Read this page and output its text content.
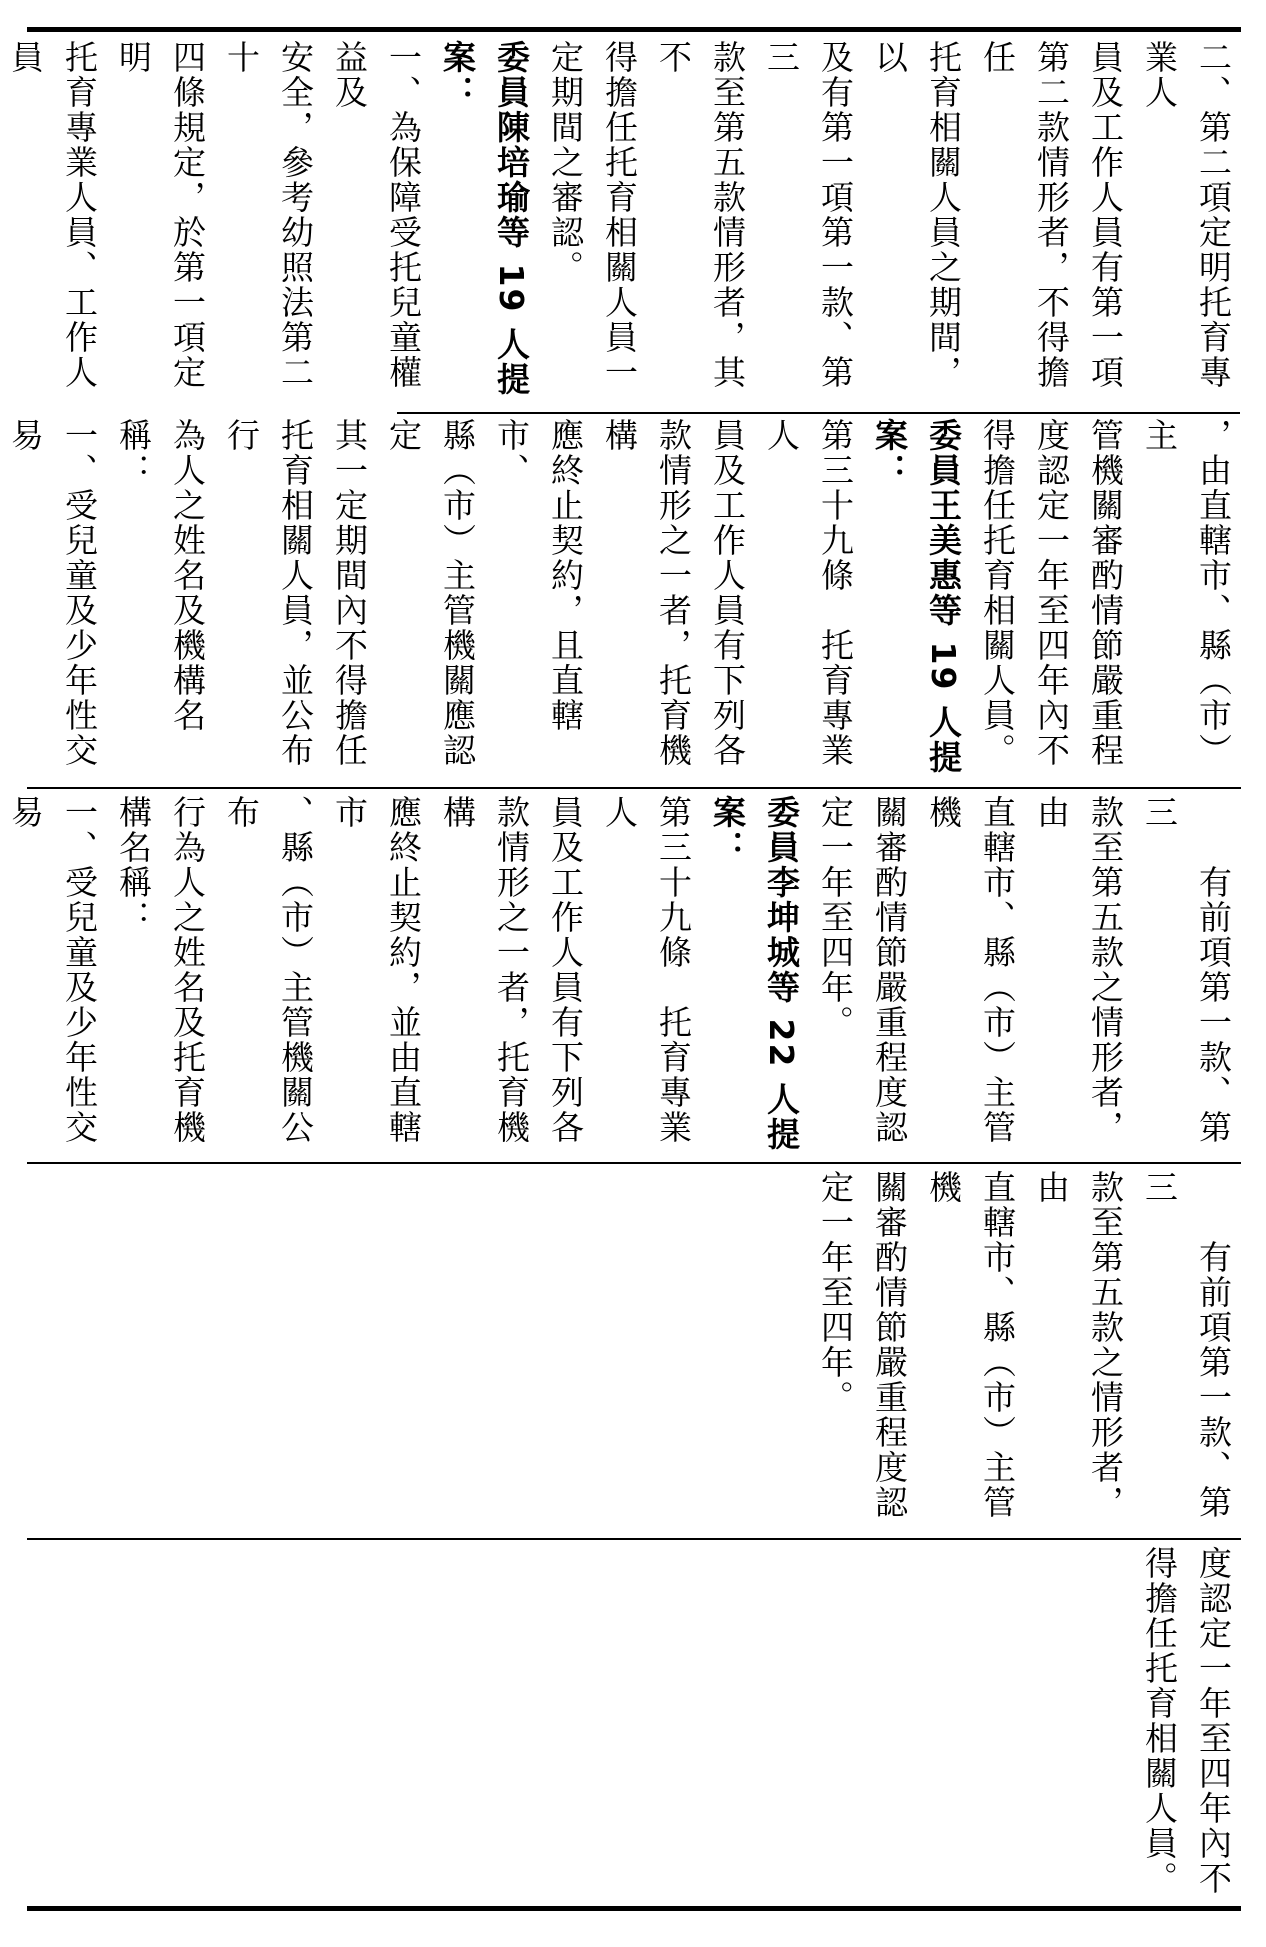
二、第二項定明托育專業人

員及工作人員有第一項

第二款情形者，不得擔任

托育相關人員之期間，以

及有第一項第一款、第三

款至第五款情形者，其不

得擔任托育相關人員一

定期間之審認。

委員陳培瑜等 19 人提案：

一、為保障受托兒童權益及

安全，參考幼照法第二十

四條規定，於第一項定明

托育專業人員、工作人員

，由直轄市、縣（市）主

管機關審酌情節嚴重程

度認定一年至四年內不

得擔任托育相關人員。

委員王美惠等 19 人提案：

第三十九條　托育專業人

員及工作人員有下列各

款情形之一者，托育機構

應終止契約，且直轄市、

縣（市）主管機關應認定

其一定期間內不得擔任

托育相關人員，並公布行

為人之姓名及機構名稱：

一、受兒童及少年性交易

　　有前項第一款、第三

款至第五款之情形者，由

直轄市、縣（市）主管機

關審酌情節嚴重程度認

定一年至四年。

委員李坤城等 22 人提案：

第三十九條　托育專業人

員及工作人員有下列各

款情形之一者，托育機構

應終止契約，並由直轄市

、縣（市）主管機關公布

行為人之姓名及托育機

構名稱：

一、受兒童及少年性交易

　　有前項第一款、第三

款至第五款之情形者，由

直轄市、縣（市）主管機

關審酌情節嚴重程度認

定一年至四年。

度認定一年至四年內不

得擔任托育相關人員。
